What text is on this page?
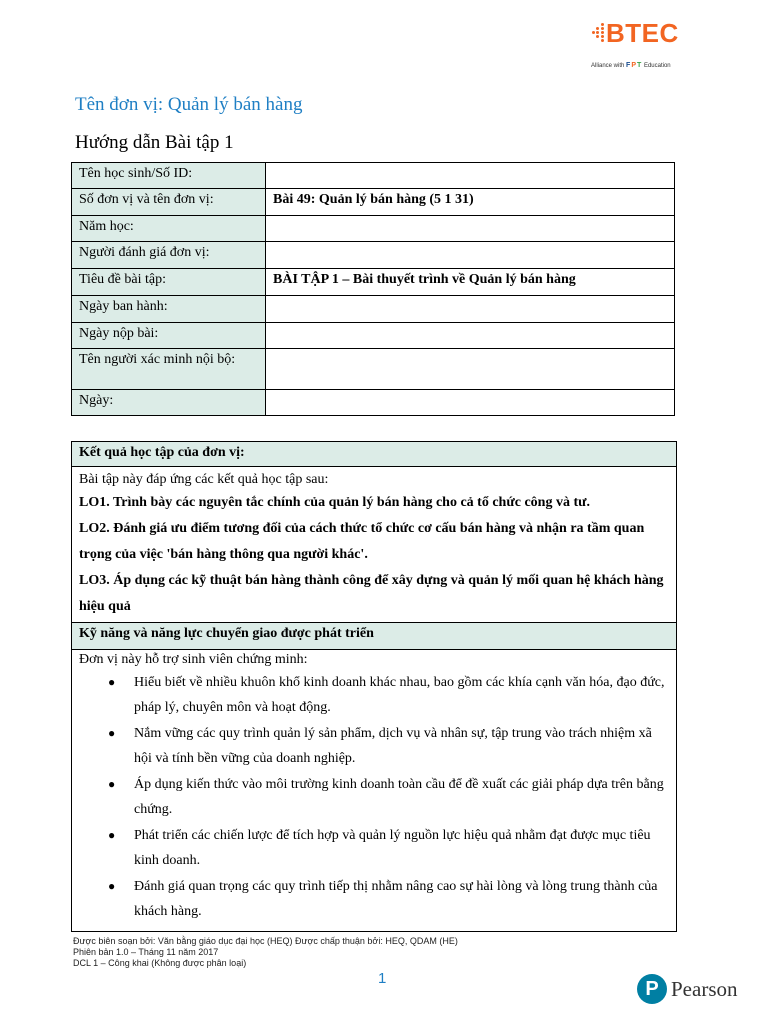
BTEC
Alliance with FPT Education
Tên đơn vị: Quản lý bán hàng
Hướng dẫn Bài tập 1
Tên học sinh/Số ID:	
Số đơn vị và tên đơn vị:	Bài 49: Quản lý bán hàng (5 1 31)
Năm học:	
Người đánh giá đơn vị:	
Tiêu đề bài tập:	BÀI TẬP 1 – Bài thuyết trình về Quản lý bán hàng
Ngày ban hành:	
Ngày nộp bài:	
Tên người xác minh nội bộ:	
Ngày:	
Kết quả học tập của đơn vị:
Bài tập này đáp ứng các kết quả học tập sau:
LO1. Trình bày các nguyên tắc chính của quản lý bán hàng cho cả tổ chức công và tư.
LO2. Đánh giá ưu điểm tương đối của cách thức tổ chức cơ cấu bán hàng và nhận ra tầm quan trọng của việc 'bán hàng thông qua người khác'.
LO3. Áp dụng các kỹ thuật bán hàng thành công để xây dựng và quản lý mối quan hệ khách hàng hiệu quả
Kỹ năng và năng lực chuyển giao được phát triển
Đơn vị này hỗ trợ sinh viên chứng minh:
● Hiểu biết về nhiều khuôn khổ kinh doanh khác nhau, bao gồm các khía cạnh văn hóa, đạo đức, pháp lý, chuyên môn và hoạt động.
● Nắm vững các quy trình quản lý sản phẩm, dịch vụ và nhân sự, tập trung vào trách nhiệm xã hội và tính bền vững của doanh nghiệp.
● Áp dụng kiến thức vào môi trường kinh doanh toàn cầu để đề xuất các giải pháp dựa trên bằng chứng.
● Phát triển các chiến lược để tích hợp và quản lý nguồn lực hiệu quả nhằm đạt được mục tiêu kinh doanh.
● Đánh giá quan trọng các quy trình tiếp thị nhằm nâng cao sự hài lòng và lòng trung thành của khách hàng.
Được biên soạn bởi: Văn bằng giáo dục đại học (HEQ) Được chấp thuận bởi: HEQ, QDAM (HE)
Phiên bản 1.0 – Tháng 11 năm 2017
DCL 1 – Công khai (Không được phân loại)
1	P Pearson
